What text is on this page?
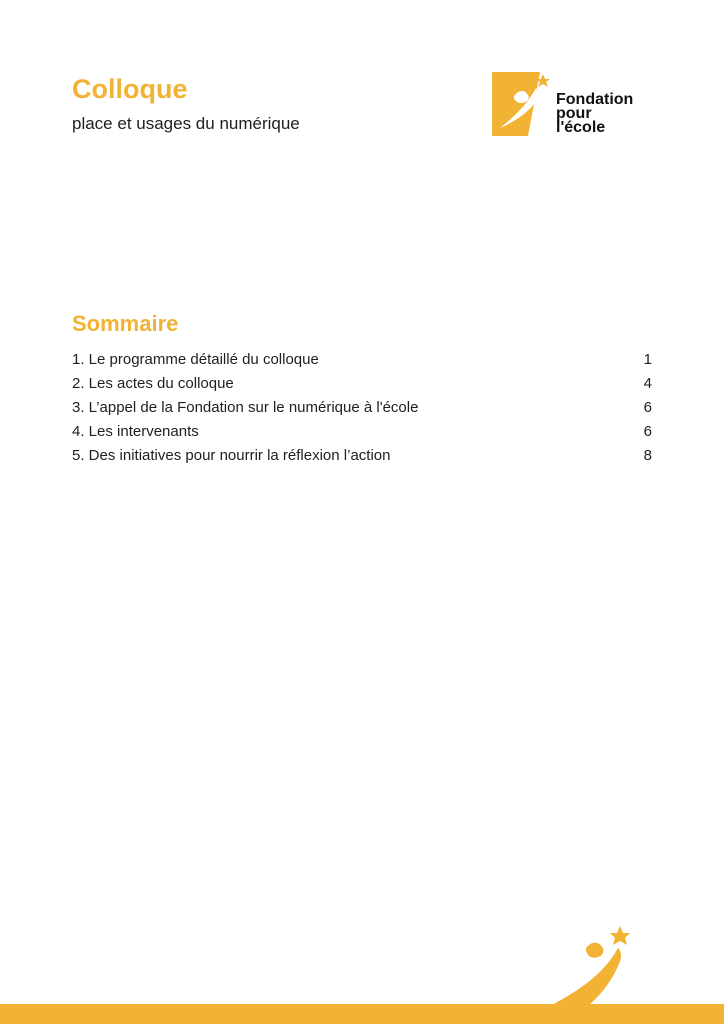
Colloque

place et usages du numérique

Fondation
pour
l'école
Sommaire
1. Le programme détaillé du colloque	1
2. Les actes du colloque	4
3. L’appel de la Fondation sur le numérique à l'école	6
4. Les intervenants	6
5. Des initiatives pour nourrir la réflexion l’action	8
